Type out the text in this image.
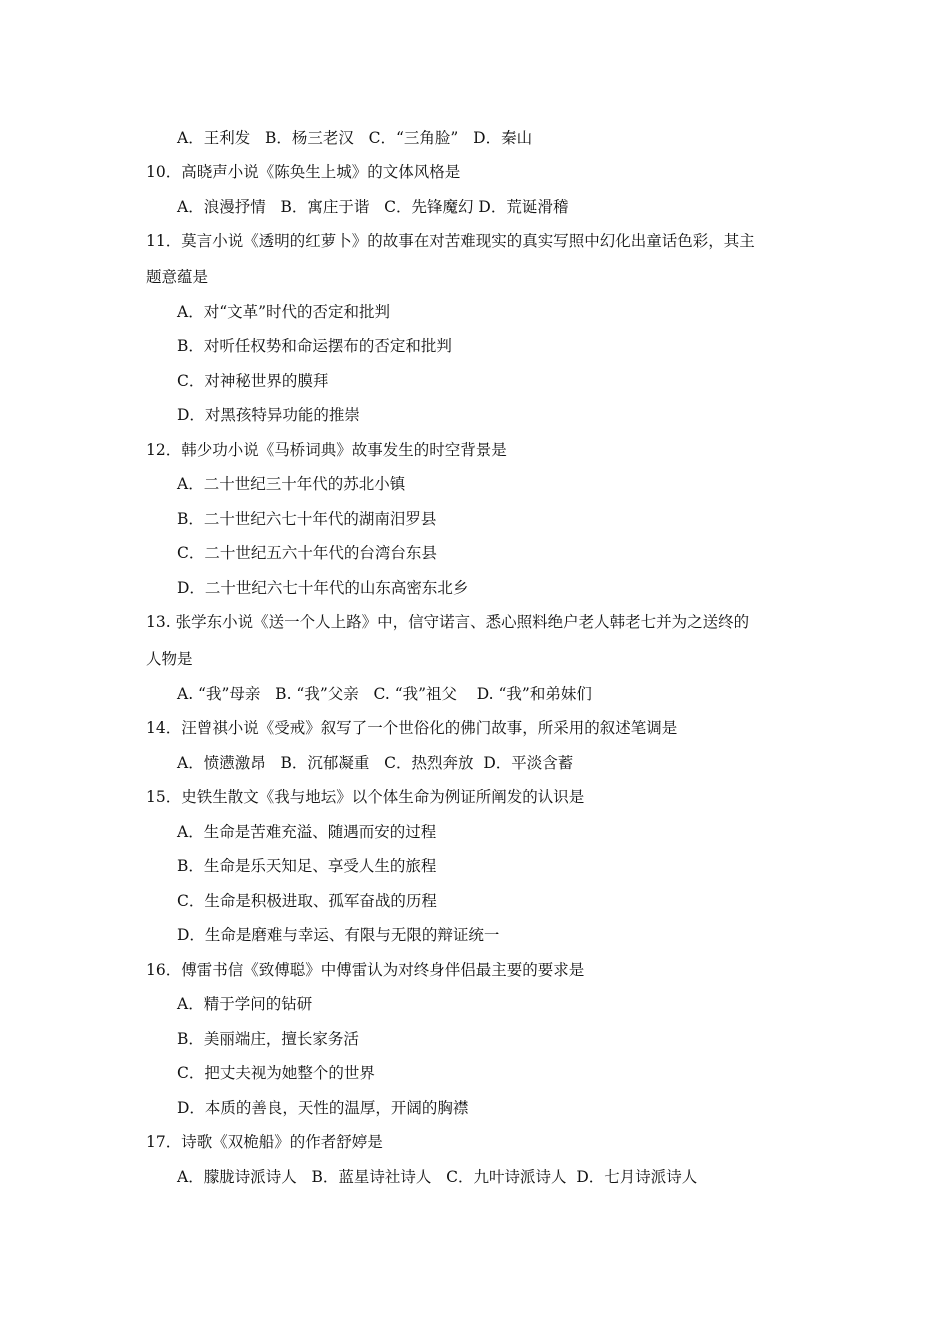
A．王利发   B．杨三老汉   C．“三角脸”   D．秦山
10．高晓声小说《陈奂生上城》的文体风格是
A．浪漫抒情   B．寓庄于谐   C．先锋魔幻 D．荒诞滑稽
11．莫言小说《透明的红萝卜》的故事在对苦难现实的真实写照中幻化出童话色彩，其主
题意蕴是
A．对“文革”时代的否定和批判
B．对听任权势和命运摆布的否定和批判
C．对神秘世界的膜拜
D．对黑孩特异功能的推崇
12．韩少功小说《马桥词典》故事发生的时空背景是
A．二十世纪三十年代的苏北小镇
B．二十世纪六七十年代的湖南汨罗县
C．二十世纪五六十年代的台湾台东县
D．二十世纪六七十年代的山东高密东北乡
13. 张学东小说《送一个人上路》中，信守诺言、悉心照料绝户老人韩老七并为之送终的
人物是
A. “我”母亲   B. “我”父亲   C. “我”祖父    D. “我”和弟妹们
14．汪曾祺小说《受戒》叙写了一个世俗化的佛门故事，所采用的叙述笔调是
A．愤懑激昂   B．沉郁凝重   C．热烈奔放  D．平淡含蓄
15．史铁生散文《我与地坛》以个体生命为例证所阐发的认识是
A．生命是苦难充溢、随遇而安的过程
B．生命是乐天知足、享受人生的旅程
C．生命是积极进取、孤军奋战的历程
D．生命是磨难与幸运、有限与无限的辩证统一
16．傅雷书信《致傅聪》中傅雷认为对终身伴侣最主要的要求是
A．精于学问的钻研
B．美丽端庄，擅长家务活
C．把丈夫视为她整个的世界
D．本质的善良，天性的温厚，开阔的胸襟
17．诗歌《双桅船》的作者舒婷是
A．朦胧诗派诗人   B．蓝星诗社诗人   C．九叶诗派诗人  D．七月诗派诗人
